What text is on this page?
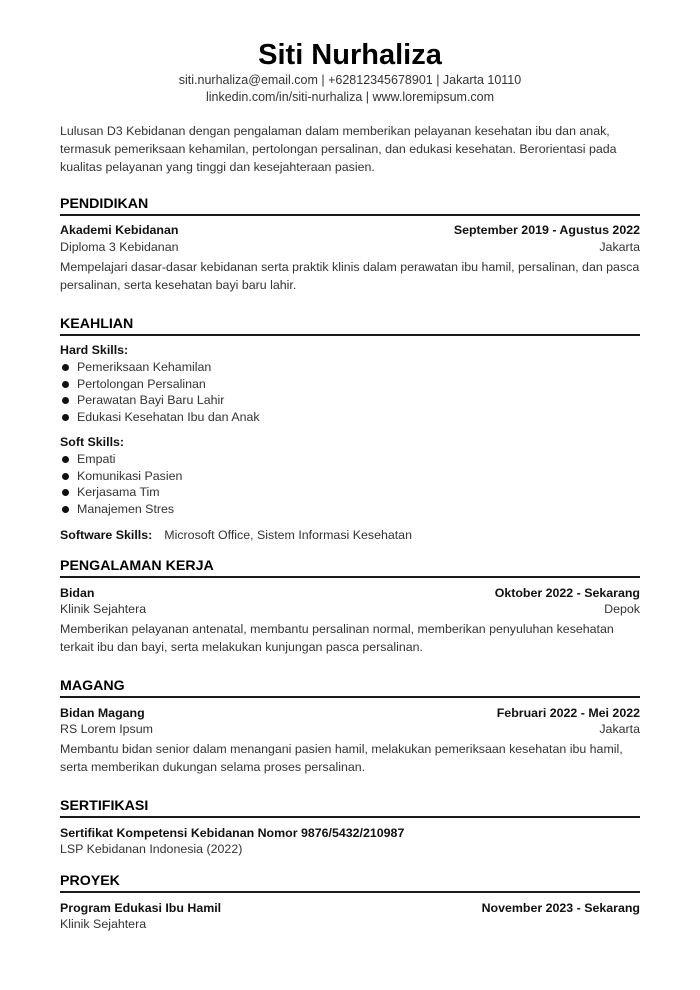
Siti Nurhaliza
siti.nurhaliza@email.com | +6281234567890​1 | Jakarta 10110
linkedin.com/in/siti-nurhaliza | www.loremipsum.com
Lulusan D3 Kebidanan dengan pengalaman dalam memberikan pelayanan kesehatan ibu dan anak, termasuk pemeriksaan kehamilan, pertolongan persalinan, dan edukasi kesehatan. Berorientasi pada kualitas pelayanan yang tinggi dan kesejahteraan pasien.
PENDIDIKAN
Akademi Kebidanan	September 2019 - Agustus 2022
Diploma 3 Kebidanan	Jakarta
Mempelajari dasar-dasar kebidanan serta praktik klinis dalam perawatan ibu hamil, persalinan, dan pasca persalinan, serta kesehatan bayi baru lahir.
KEAHLIAN
Hard Skills:
Pemeriksaan Kehamilan
Pertolongan Persalinan
Perawatan Bayi Baru Lahir
Edukasi Kesehatan Ibu dan Anak
Soft Skills:
Empati
Komunikasi Pasien
Kerjasama Tim
Manajemen Stres
Software Skills: Microsoft Office, Sistem Informasi Kesehatan
PENGALAMAN KERJA
Bidan	Oktober 2022 - Sekarang
Klinik Sejahtera	Depok
Memberikan pelayanan antenatal, membantu persalinan normal, memberikan penyuluhan kesehatan terkait ibu dan bayi, serta melakukan kunjungan pasca persalinan.
MAGANG
Bidan Magang	Februari 2022 - Mei 2022
RS Lorem Ipsum	Jakarta
Membantu bidan senior dalam menangani pasien hamil, melakukan pemeriksaan kesehatan ibu hamil, serta memberikan dukungan selama proses persalinan.
SERTIFIKASI
Sertifikat Kompetensi Kebidanan Nomor 9876/5432/210987
LSP Kebidanan Indonesia (2022)
PROYEK
Program Edukasi Ibu Hamil	November 2023 - Sekarang
Klinik Sejahtera
